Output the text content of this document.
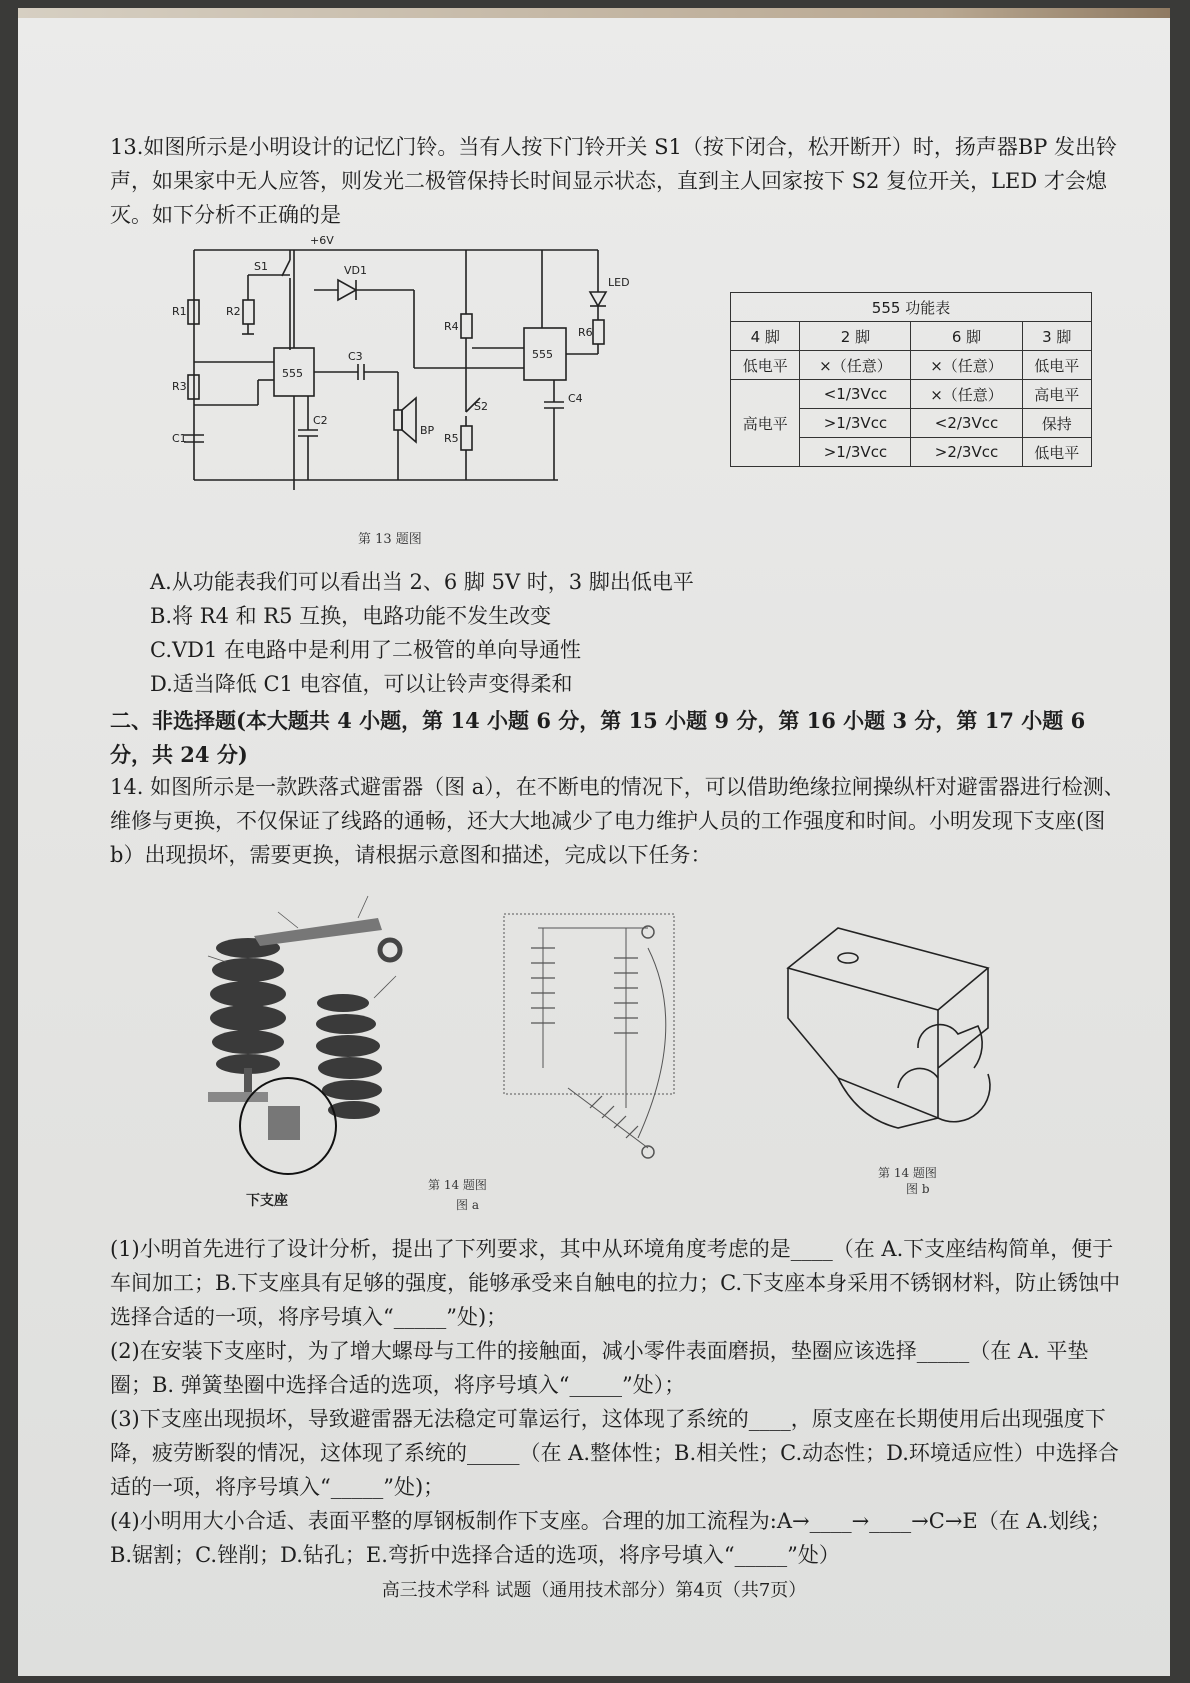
13.如图所示是小明设计的记忆门铃。当有人按下门铃开关 S1（按下闭合，松开断开）时，扬声器BP 发出铃声，如果家中无人应答，则发光二极管保持长时间显示状态，直到主人回家按下 S2 复位开关，LED 才会熄灭。如下分析不正确的是
+6V
S1	VD1
R1	R2
R3
C1
555
C2
C3
BP
R4
S2
R5
555
C4
LED
R6
第 13 题图
555 功能表			
4 脚	2 脚	6 脚	3 脚
低电平	×（任意）	×（任意）	低电平
高电平	<1/3Vcc	×（任意）	高电平
	>1/3Vcc	<2/3Vcc	保持
	>1/3Vcc	>2/3Vcc	低电平
A.从功能表我们可以看出当 2、6 脚 5V 时，3 脚出低电平
B.将 R4 和 R5 互换，电路功能不发生改变
C.VD1 在电路中是利用了二极管的单向导通性
D.适当降低 C1 电容值，可以让铃声变得柔和
二、非选择题(本大题共 4 小题，第 14 小题 6 分，第 15 小题 9 分，第 16 小题 3 分，第 17 小题 6 分，共 24 分)
14. 如图所示是一款跌落式避雷器（图 a），在不断电的情况下，可以借助绝缘拉闸操纵杆对避雷器进行检测、维修与更换，不仅保证了线路的通畅，还大大地减少了电力维护人员的工作强度和时间。小明发现下支座(图 b）出现损坏，需要更换，请根据示意图和描述，完成以下任务：
下支座
第 14 题图
图 a
第 14 题图
图 b
(1)小明首先进行了设计分析，提出了下列要求，其中从环境角度考虑的是____（在 A.下支座结构简单，便于车间加工；B.下支座具有足够的强度，能够承受来自触电的拉力；C.下支座本身采用不锈钢材料，防止锈蚀中选择合适的一项，将序号填入“_____”处)；
(2)在安装下支座时，为了增大螺母与工件的接触面，减小零件表面磨损，垫圈应该选择_____（在 A. 平垫圈；B. 弹簧垫圈中选择合适的选项，将序号填入“_____”处）；
(3)下支座出现损坏，导致避雷器无法稳定可靠运行，这体现了系统的____，原支座在长期使用后出现强度下降，疲劳断裂的情况，这体现了系统的_____（在 A.整体性；B.相关性；C.动态性；D.环境适应性）中选择合适的一项，将序号填入“_____”处)；
(4)小明用大小合适、表面平整的厚钢板制作下支座。合理的加工流程为:A→____→____→C→E（在 A.划线；B.锯割；C.锉削；D.钻孔；E.弯折中选择合适的选项，将序号填入“_____”处）
高三技术学科 试题（通用技术部分）第4页（共7页）
